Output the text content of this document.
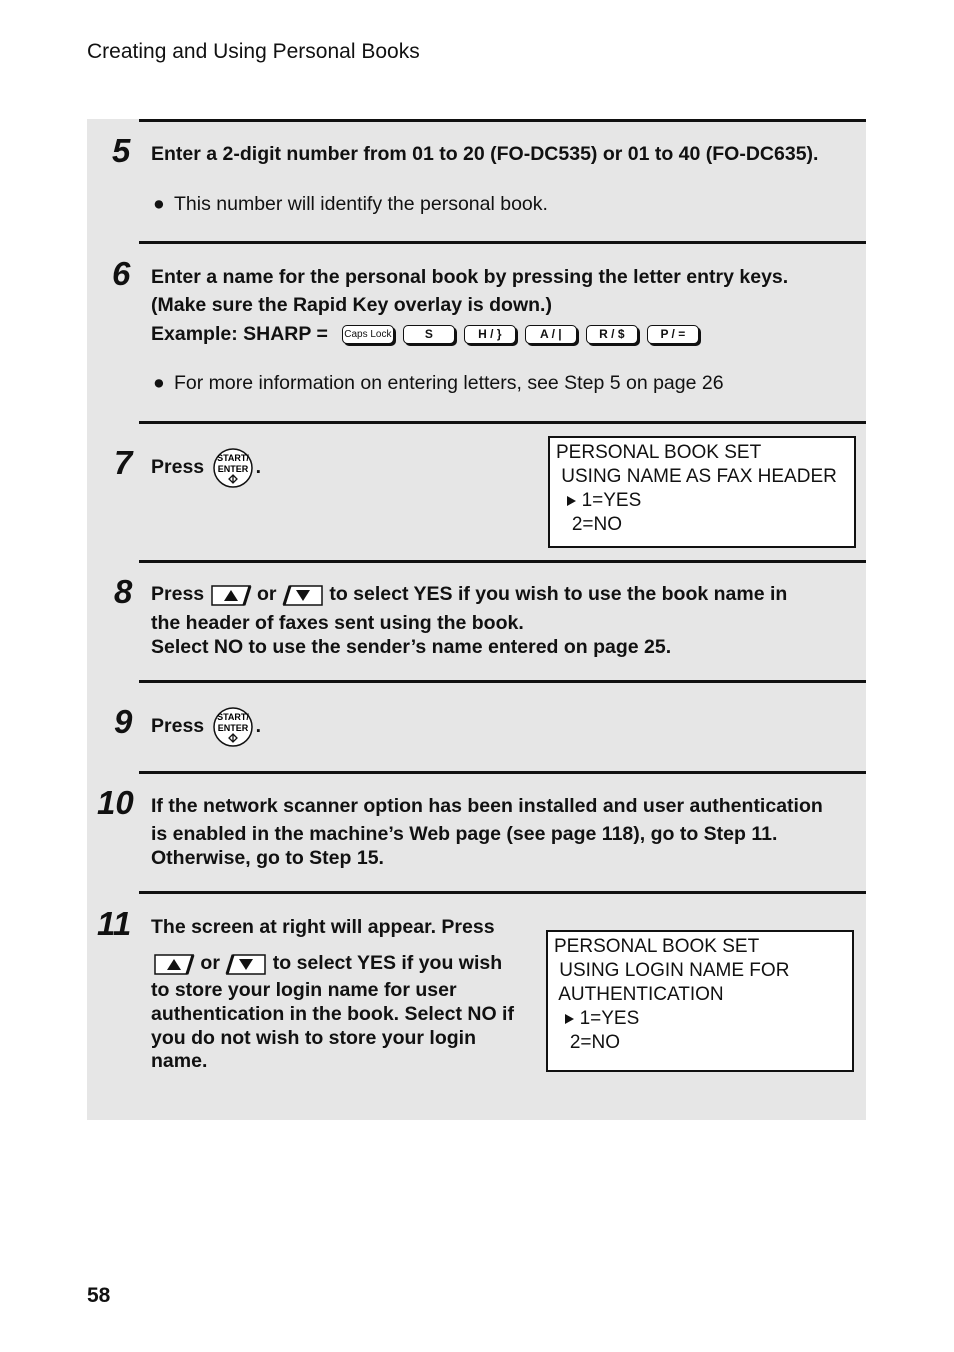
Creating and Using Personal Books
5 Enter a 2-digit number from 01 to 20 (FO-DC535) or 01 to 40 (FO-DC635).
● This number will identify the personal book.
6 Enter a name for the personal book by pressing the letter entry keys.
(Make sure the Rapid Key overlay is down.)
Example: SHARP = Caps Lock	S	H / }	A / |	R / $	P / =
● For more information on entering letters, see Step 5 on page 26
7 Press START/
ENTER .
PERSONAL BOOK SET
USING NAME AS FAX HEADER
1=YES
2=NO
8 Press	or	to select YES if you wish to use the book name in
the header of faxes sent using the book.
Select NO to use the sender’s name entered on page 25.
9 Press START/
ENTER .
10 If the network scanner option has been installed and user authentication
is enabled in the machine’s Web page (see page 118), go to Step 11.
Otherwise, go to Step 15.
11 The screen at right will appear. Press
or	to select YES if you wish
to store your login name for user
authentication in the book. Select NO if
you do not wish to store your login
name.
PERSONAL BOOK SET
USING LOGIN NAME FOR
AUTHENTICATION
1=YES
2=NO
58
